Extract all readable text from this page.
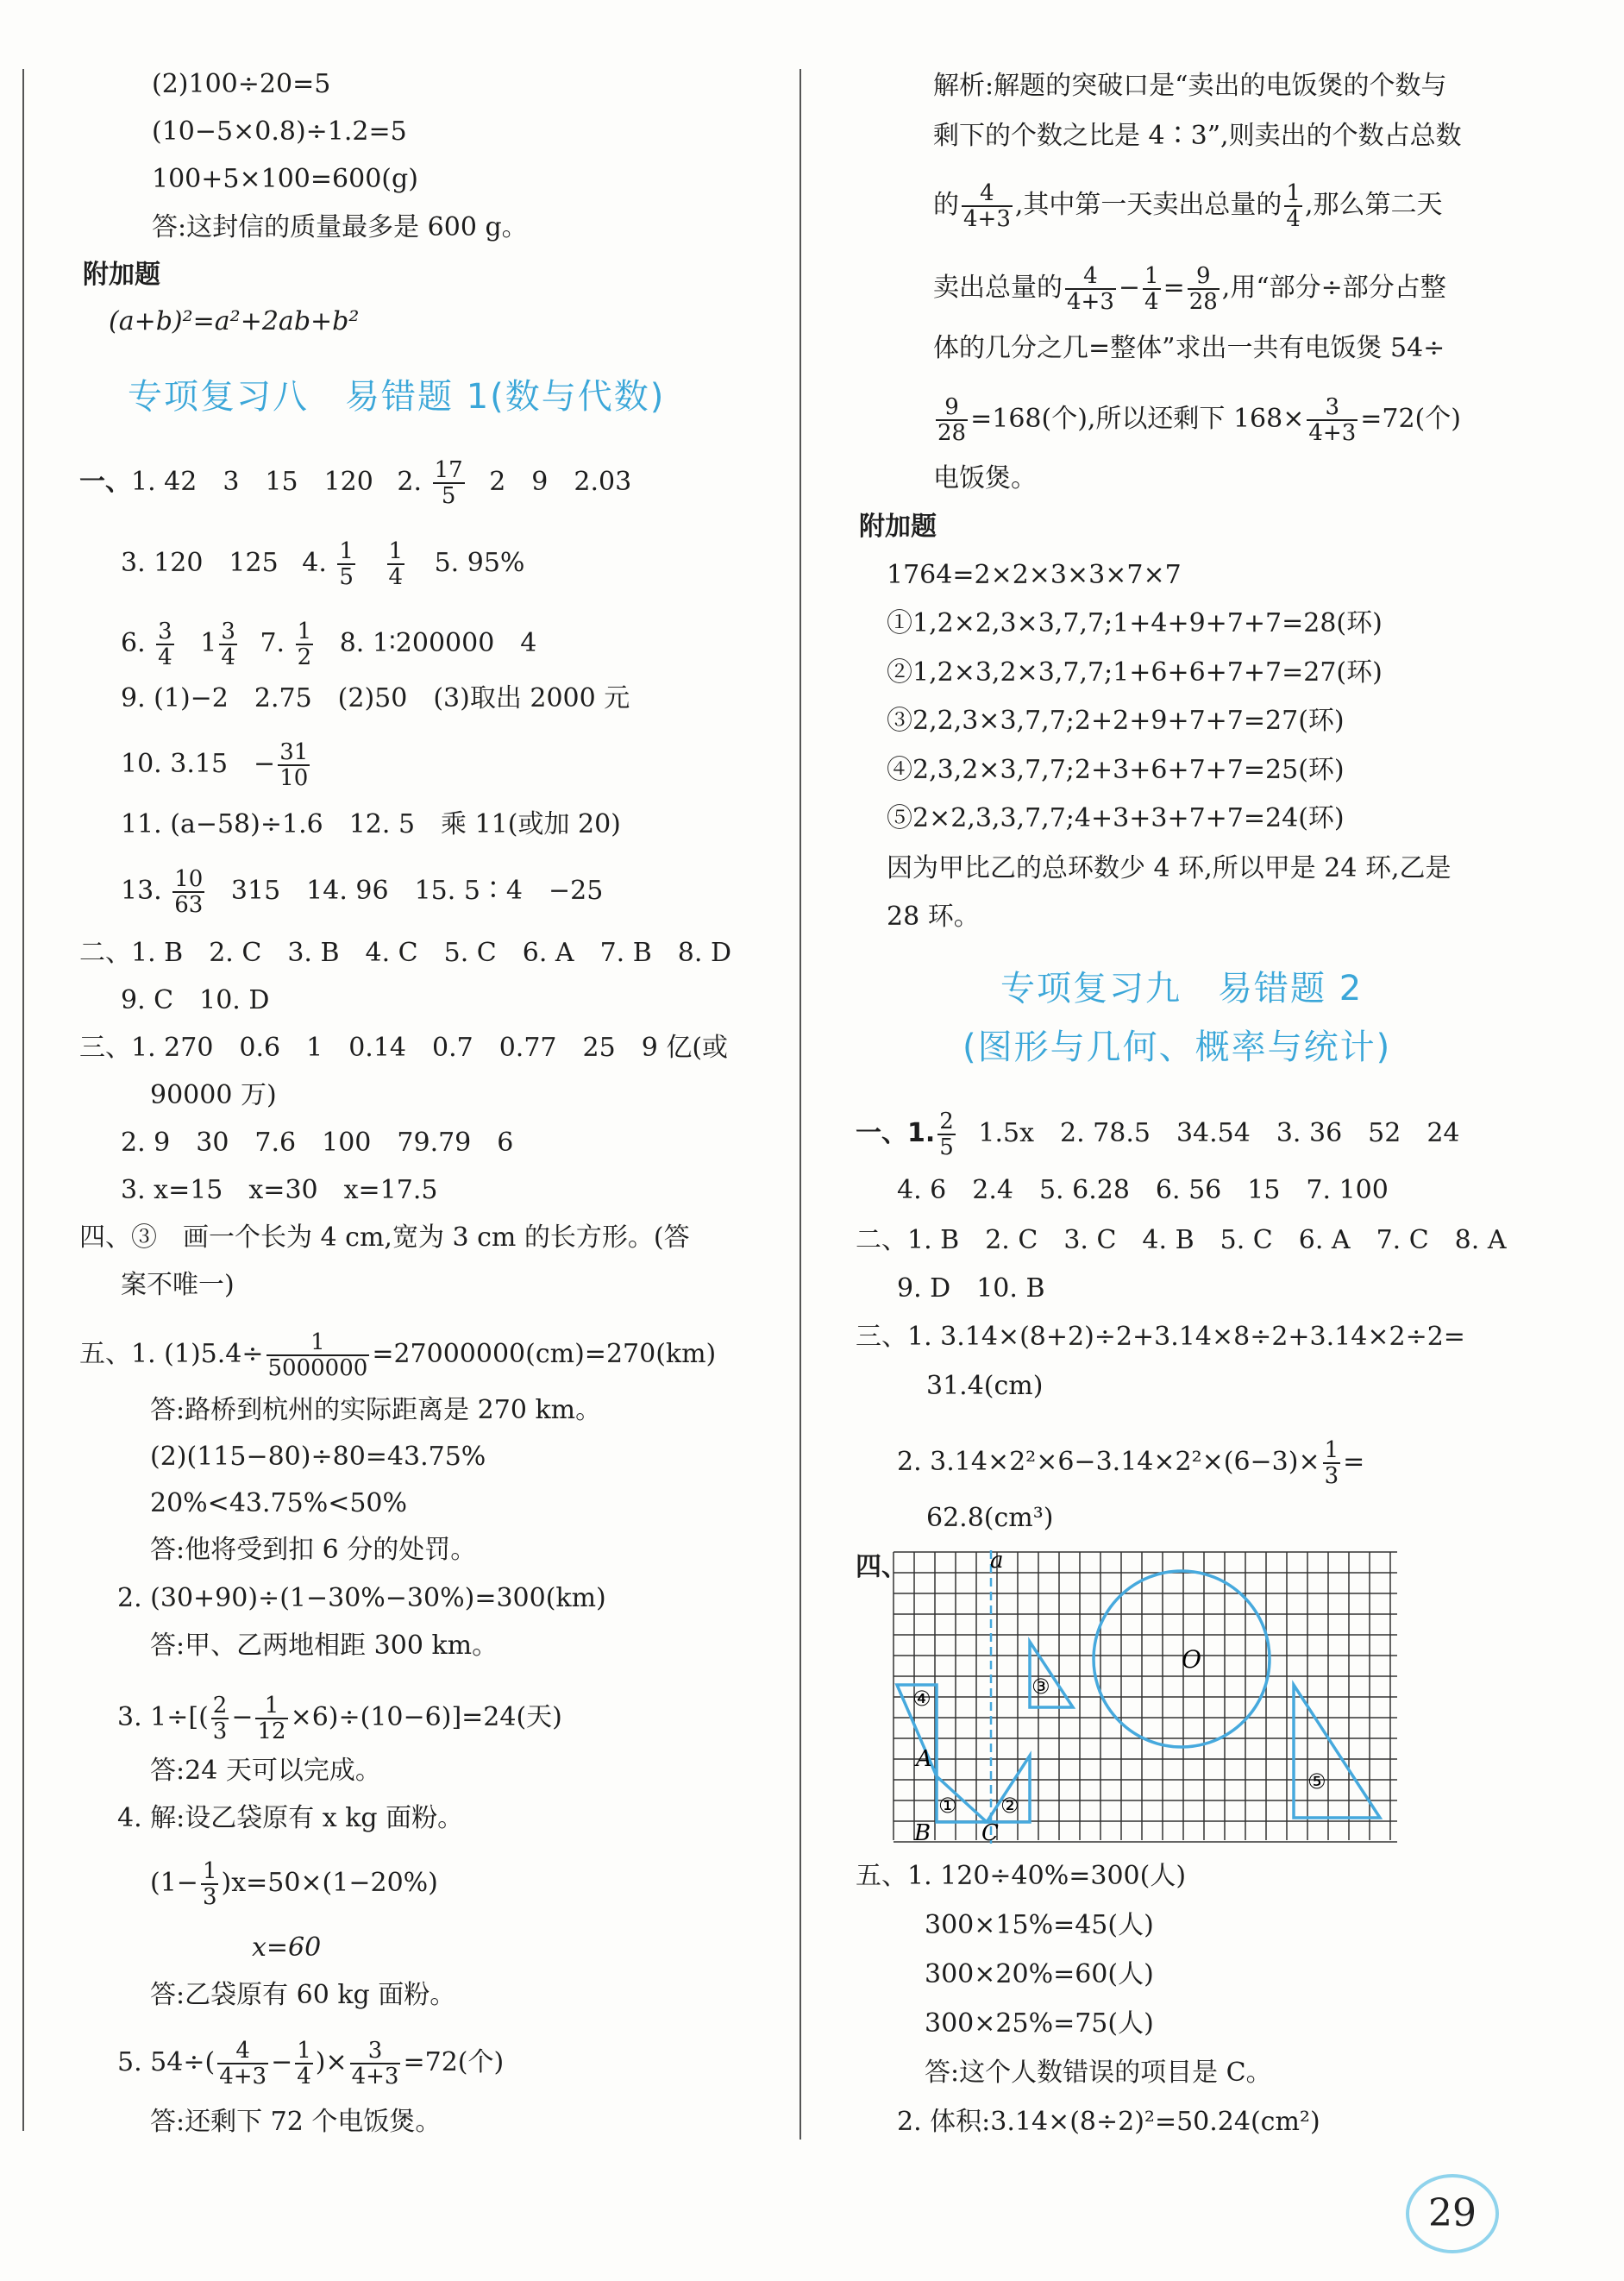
(2)100÷20=5
(10−5×0.8)÷1.2=5
100+5×100=600(g)
答:这封信的质量最多是 600 g。
附加题
(a+b)²=a²+2ab+b²
专项复习八　易错题 1(数与代数)
一、1. 42　3　15　120 2. $\frac{17}{5} 2$　9　2.03
3. 120　125 4. $\frac{1}{5}$
$\frac{1}{4} 5$. 95%
6. $\frac{3}{4} 1 \frac{3}{4} 7$. $\frac{1}{2} 8$. 1∶200000　4
9. (1)−2　2.75　(2)50　(3)取出 2000 元
10. 3.15　− $\frac{31}{10}$
11. (a−58)÷1.6　12. 5　乘 11(或加 20)
13. $\frac{10}{63} 315$　14. 96　15. 5∶4　−25
二、1. B　2. C　3. B　4. C　5. C　6. A　7. B　8. D
9. C　10. D
三、1. 270　0.6　1　0.14　0.7　0.77　25　9 亿(或
90000 万)
2. 9　30　7.6　100　79.79　6
3. x=15　x=30　x=17.5
四、③　画一个长为 4 cm,宽为 3 cm 的长方形。(答
案不唯一)
五、1. $(1)5.4\div \frac{1}{5000000} =27000000(cm)=270(km)$
答:路桥到杭州的实际距离是 270 km。
(2)(115−80)÷80=43.75%
20%<43.75%<50%
答:他将受到扣 6 分的处罚。
2. (30+90)÷(1−30%−30%)=300(km)
答:甲、乙两地相距 300 km。
3. $1\div[( \frac{2}{3} - \frac{1}{12} \times 6)\div(10-6)]=24$(天)
答:24 天可以完成。
4. 解:设乙袋原有 x kg 面粉。
$(1- \frac{1}{3} )x=50\times(1-20\%)$
x=60
答:乙袋原有 60 kg 面粉。
5. $54\div( \frac{4}{4+3} - \frac{1}{4}$ )× $\frac{3}{4+3} =72$(个)
答:还剩下 72 个电饭煲。
解析:解题的突破口是“卖出的电饭煲的个数与
剩下的个数之比是 4∶3”,则卖出的个数占总数
的 $\frac{4}{4+3}$ ,其中第一天卖出总量的 $\frac{1}{4}$ ,那么第二天
卖出总量的 $\frac{4}{4+3} - \frac{1}{4} = \frac{9}{28}$ ,用“部分÷部分占整
体的几分之几=整体”求出一共有电饭煲 54÷
$\frac{9}{28} =168$(个),所以还剩下 $168\times \frac{3}{4+3} =72$(个)
电饭煲。
附加题
1764=2×2×3×3×7×7
①1,2×2,3×3,7,7;1+4+9+7+7=28(环)
②1,2×3,2×3,7,7;1+6+6+7+7=27(环)
③2,2,3×3,7,7;2+2+9+7+7=27(环)
④2,3,2×3,7,7;2+3+6+7+7=25(环)
⑤2×2,3,3,7,7;4+3+3+7+7=24(环)
因为甲比乙的总环数少 4 环,所以甲是 24 环,乙是
28 环。
专项复习九　易错题 2
(图形与几何、概率与统计)
一、1. $\frac{2}{5} 1.5x$　2. 78.5　34.54　3. 36　52　24
4. 6　2.4　5. 6.28　6. 56　15　7. 100
二、1. B　2. C　3. C　4. B　5. C　6. A　7. C　8. A
9. D　10. B
三、1. 3.14×(8+2)÷2+3.14×8÷2+3.14×2÷2=
31.4(cm)
2. $3.14\times 2^2\times 6-3.14\times 2^2\times(6-3)\times \frac{1}{3}$ =
62.8(cm³)
四、	a
O
A
B C
① ②
③
④
⑤
五、1. 120÷40%=300(人)
300×15%=45(人)
300×20%=60(人)
300×25%=75(人)
答:这个人数错误的项目是 C。
2. 体积:3.14×(8÷2)²=50.24(cm²)
29
